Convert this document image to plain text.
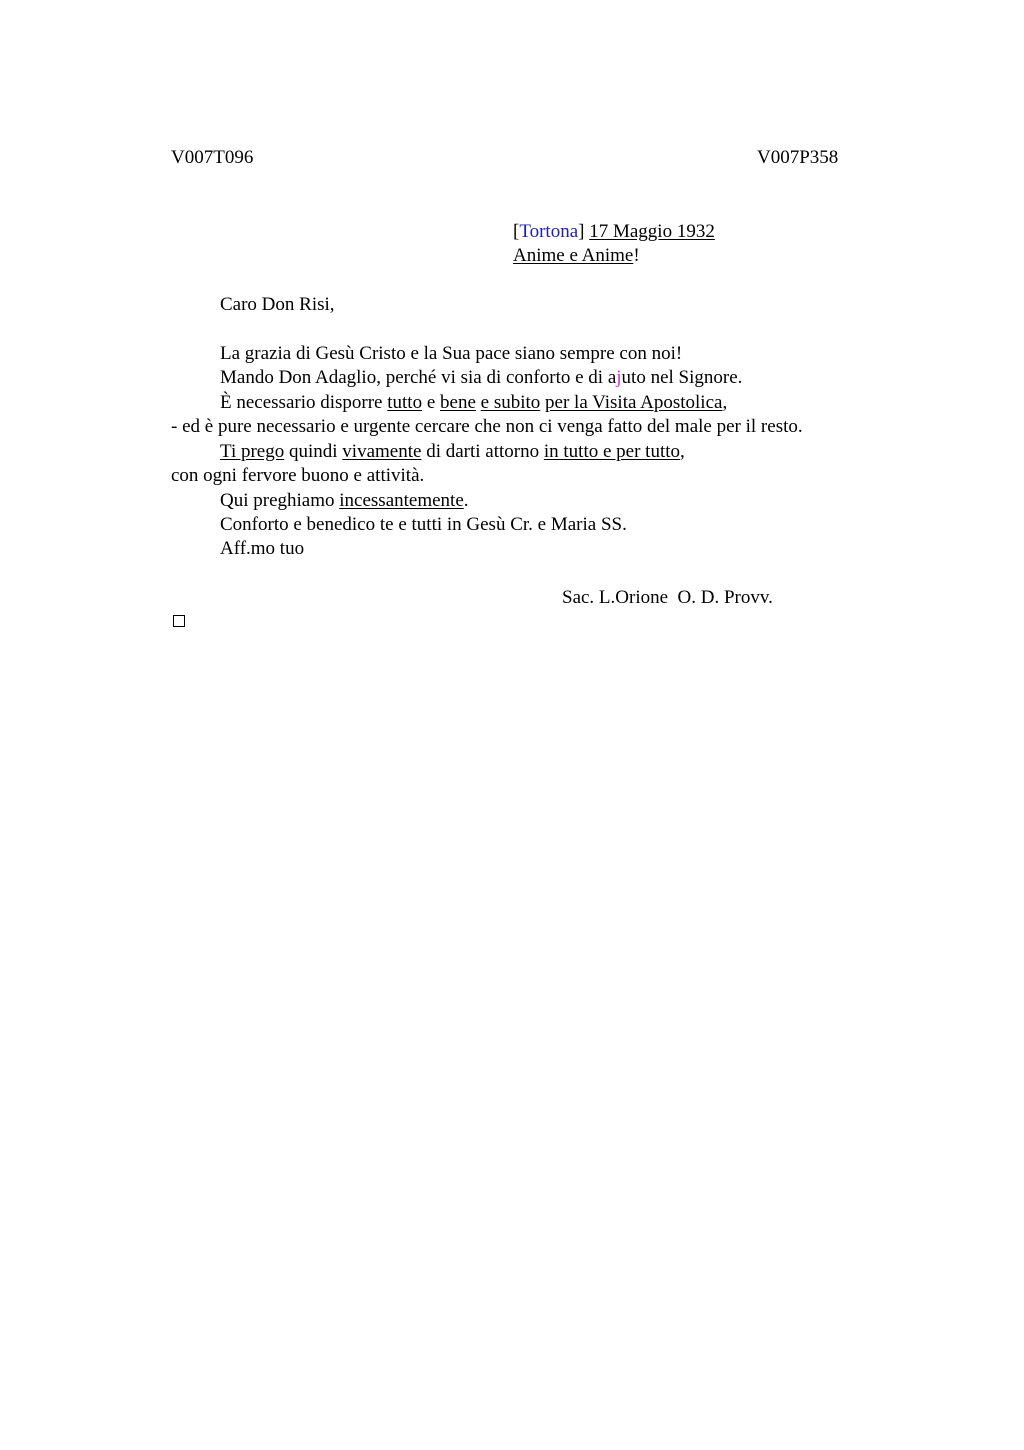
V007T096	V007P358
[Tortona] 17 Maggio 1932
Anime e Anime!
Caro Don Risi,
La grazia di Gesù Cristo e la Sua pace siano sempre con noi!
Mando Don Adaglio, perché vi sia di conforto e di ajuto nel Signore.
È necessario disporre tutto e bene e subito per la Visita Apostolica,
- ed è pure necessario e urgente cercare che non ci venga fatto del male per il resto.
Ti prego quindi vivamente di darti attorno in tutto e per tutto,
con ogni fervore buono e attività.
Qui preghiamo incessantemente.
Conforto e benedico te e tutti in Gesù Cr. e Maria SS.
Aff.mo tuo
Sac. L.Orione  O. D. Provv.
